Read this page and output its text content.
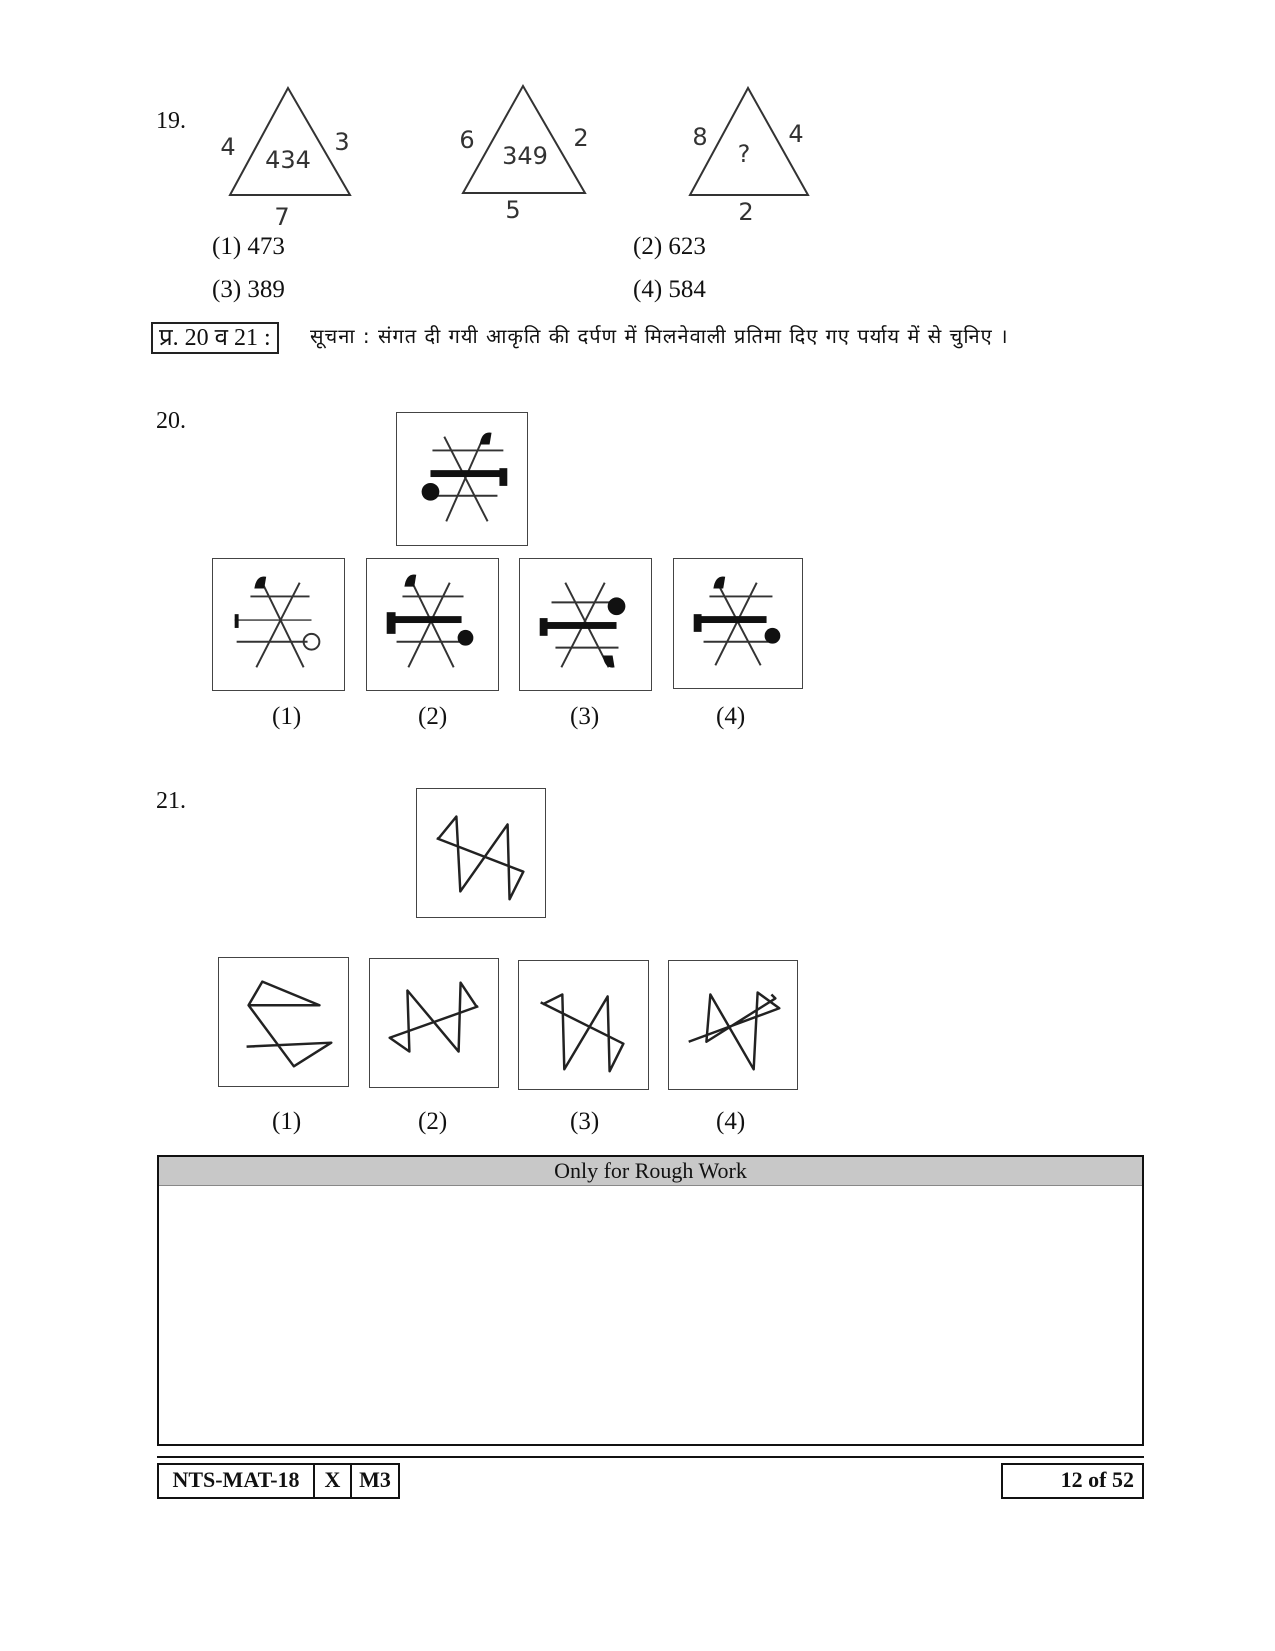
19.
434
4	3
7
349
6	2
5
?
8	4
2
(1) 473	(2) 623
(3) 389	(4) 584
प्र. 20 व 21 :	सूचना : संगत दी गयी आकृति की दर्पण में मिलनेवाली प्रतिमा दिए गए पर्याय में से चुनिए ।
20.
(1)	(2)	(3)	(4)
21.
(1)	(2)	(3)	(4)
Only for Rough Work
NTS-MAT-18	X M3	12 of 52
